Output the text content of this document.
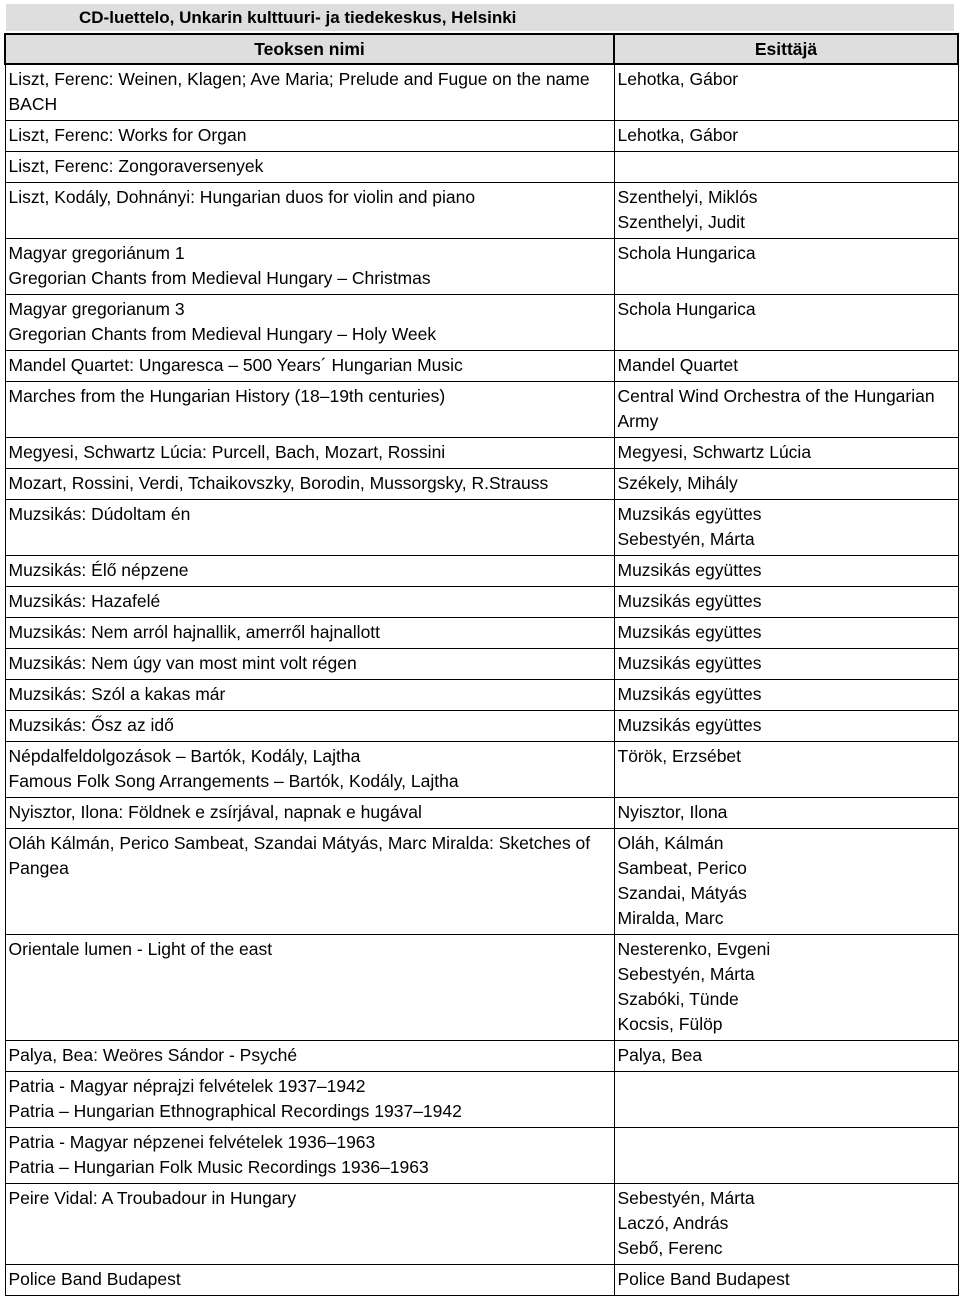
CD-luettelo, Unkarin kulttuuri- ja tiedekeskus, Helsinki
Teoksen nimi	Esittäjä

Liszt, Ferenc: Weinen, Klagen; Ave Maria; Prelude and Fugue on the name BACH	Lehotka, Gábor

Liszt, Ferenc: Works for Organ	Lehotka, Gábor

Liszt, Ferenc: Zongoraversenyek	

Liszt, Kodály, Dohnányi: Hungarian duos for violin and piano	Szenthelyi, Miklós
Szenthelyi, Judit

Magyar gregoriánum 1
Gregorian Chants from Medieval Hungary – Christmas	Schola Hungarica

Magyar gregorianum 3
Gregorian Chants from Medieval Hungary – Holy Week	Schola Hungarica

Mandel Quartet: Ungaresca – 500 Years´ Hungarian Music	Mandel Quartet

Marches from the Hungarian History (18–19th centuries)	Central Wind Orchestra of the Hungarian Army

Megyesi, Schwartz Lúcia: Purcell, Bach, Mozart, Rossini	Megyesi, Schwartz Lúcia

Mozart, Rossini, Verdi, Tchaikovszky, Borodin, Mussorgsky, R.Strauss	Székely, Mihály

Muzsikás: Dúdoltam én	Muzsikás együttes
Sebestyén, Márta

Muzsikás: Élő népzene	Muzsikás együttes

Muzsikás: Hazafelé	Muzsikás együttes

Muzsikás: Nem arról hajnallik, amerről hajnallott	Muzsikás együttes

Muzsikás: Nem úgy van most mint volt régen	Muzsikás együttes

Muzsikás: Szól a kakas már	Muzsikás együttes

Muzsikás: Ősz az idő	Muzsikás együttes

Népdalfeldolgozások – Bartók, Kodály, Lajtha
Famous Folk Song Arrangements – Bartók, Kodály, Lajtha	Török, Erzsébet

Nyisztor, Ilona: Földnek e zsírjával, napnak e hugával	Nyisztor, Ilona

Oláh Kálmán, Perico Sambeat, Szandai Mátyás, Marc Miralda: Sketches of Pangea	Oláh, Kálmán
Sambeat, Perico
Szandai, Mátyás
Miralda, Marc

Orientale lumen - Light of the east	Nesterenko, Evgeni
Sebestyén, Márta
Szabóki, Tünde
Kocsis, Fülöp

Palya, Bea: Weöres Sándor - Psyché	Palya, Bea

Patria - Magyar néprajzi felvételek 1937–1942
Patria – Hungarian Ethnographical Recordings 1937–1942	

Patria - Magyar népzenei felvételek 1936–1963
Patria – Hungarian Folk Music Recordings 1936–1963	

Peire Vidal: A Troubadour in Hungary	Sebestyén, Márta
Laczó, András
Sebő, Ferenc

Police Band Budapest	Police Band Budapest
